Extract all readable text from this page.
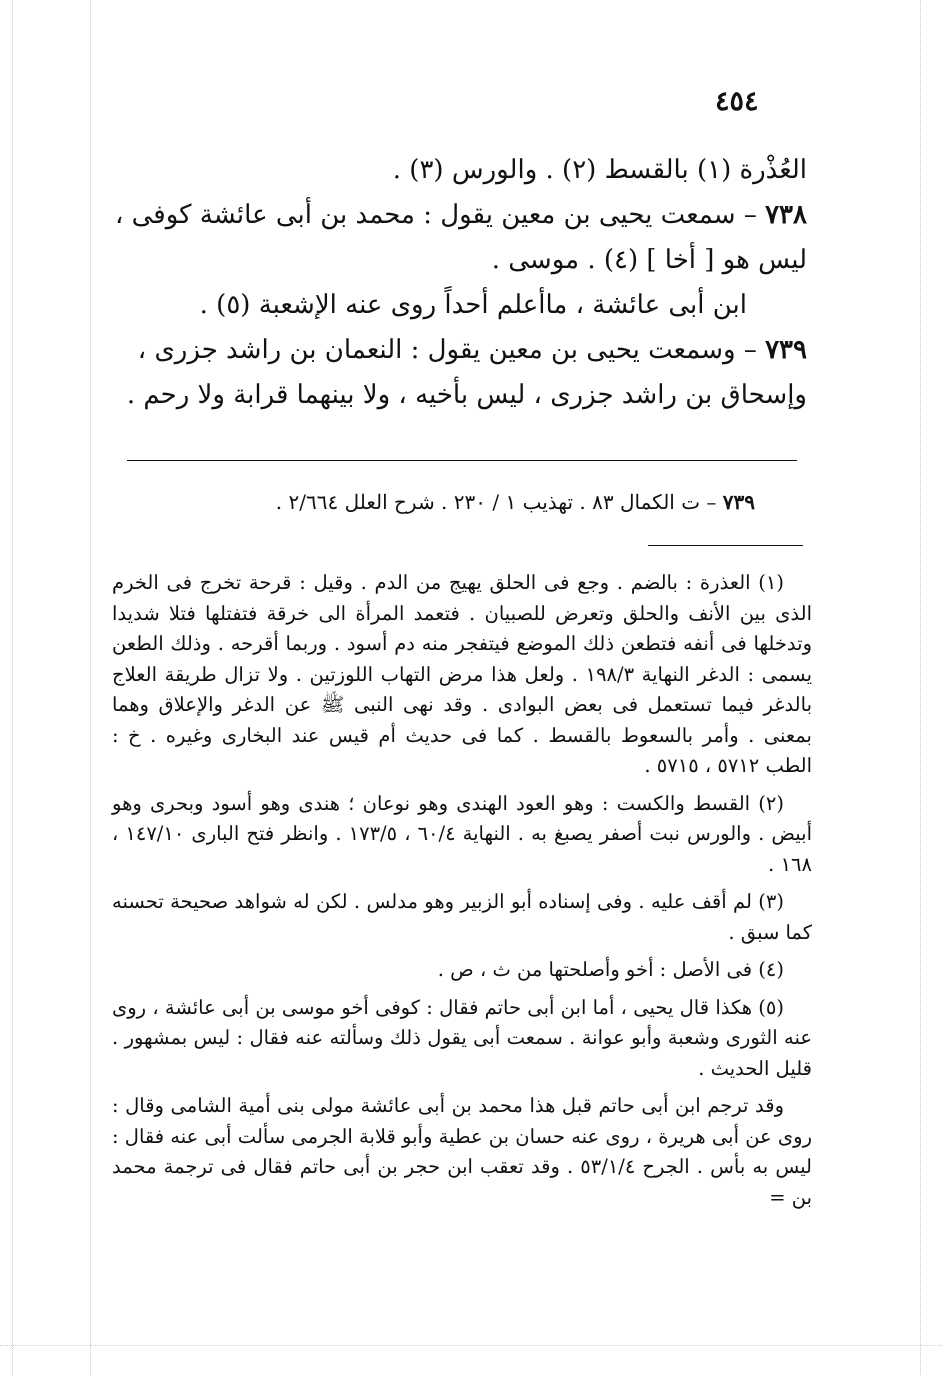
٤٥٤

العُذْرة (١) بالقسط (٢) . والورس (٣) .

٧٣٨ – سمعت يحيى بن معين يقول : محمد بن أبى عائشة كوفى ،

ليس هو [ أخا ] (٤) . موسى .

ابن أبى عائشة ، ماأعلم أحداً روى عنه الإشعبة (٥) .

٧٣٩ – وسمعت يحيى بن معين يقول : النعمان بن راشد جزرى ،

وإسحاق بن راشد جزرى ، ليس بأخيه ، ولا بينهما قرابة ولا رحم .

٧٣٩ – ت الكمال ٨٣ . تهذيب ١ / ٢٣٠ . شرح العلل ٢/٦٦٤ .

(١) العذرة : بالضم . وجع فى الحلق يهيج من الدم . وقيل : قرحة تخرج فى الخرم الذى بين الأنف والحلق وتعرض للصبيان . فتعمد المرأة الى خرقة فتفتلها فتلا شديدا وتدخلها فى أنفه فتطعن ذلك الموضع فيتفجر منه دم أسود . وربما أقرحه . وذلك الطعن يسمى : الدغر النهاية ١٩٨/٣ . ولعل هذا مرض التهاب اللوزتين . ولا تزال طريقة العلاج بالدغر فيما تستعمل فى بعض البوادى . وقد نهى النبى ﷺ عن الدغر والإعلاق وهما بمعنى . وأمر بالسعوط بالقسط . كما فى حديث أم قيس عند البخارى وغيره . خ : الطب ٥٧١٢ ، ٥٧١٥ .

(٢) القسط والكست : وهو العود الهندى وهو نوعان ؛ هندى وهو أسود وبحرى وهو أبيض . والورس نبت أصفر يصبغ به . النهاية ٦٠/٤ ، ١٧٣/٥ . وانظر فتح البارى ١٤٧/١٠ ، ١٦٨ .

(٣) لم أقف عليه . وفى إسناده أبو الزبير وهو مدلس . لكن له شواهد صحيحة تحسنه كما سبق .

(٤) فى الأصل : أخو وأصلحتها من ث ، ص .

(٥) هكذا قال يحيى ، أما ابن أبى حاتم فقال : كوفى أخو موسى بن أبى عائشة ، روى عنه الثورى وشعبة وأبو عوانة . سمعت أبى يقول ذلك وسألته عنه فقال : ليس بمشهور . قليل الحديث .

وقد ترجم ابن أبى حاتم قبل هذا محمد بن أبى عائشة مولى بنى أمية الشامى وقال : روى عن أبى هريرة ، روى عنه حسان بن عطية وأبو قلابة الجرمى سألت أبى عنه فقال : ليس به بأس . الجرح ٥٣/١/٤ . وقد تعقب ابن حجر بن أبى حاتم فقال فى ترجمة محمد بن =
